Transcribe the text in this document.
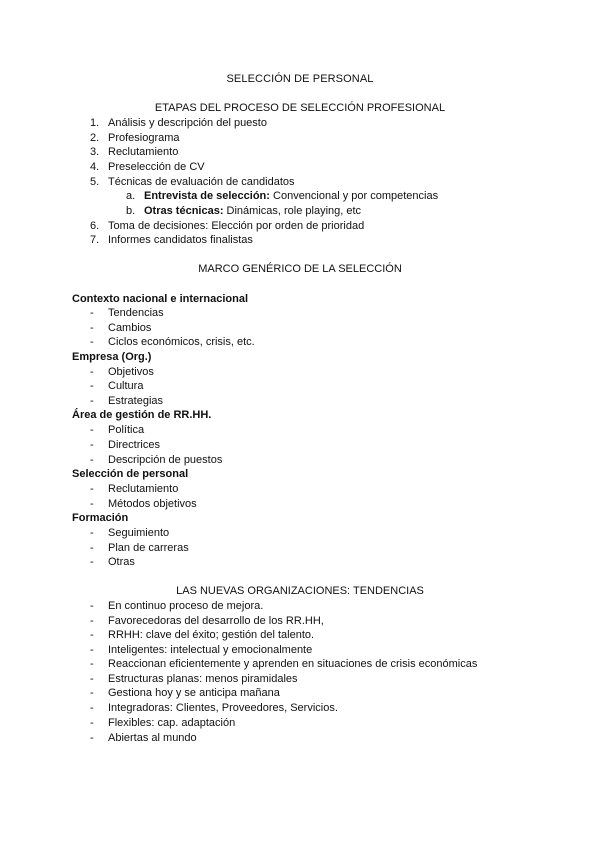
SELECCIÓN DE PERSONAL
ETAPAS DEL PROCESO DE SELECCIÓN PROFESIONAL
1. Análisis y descripción del puesto
2. Profesiograma
3. Reclutamiento
4. Preselección de CV
5. Técnicas de evaluación de candidatos
a. Entrevista de selección: Convencional y por competencias
b. Otras técnicas: Dinámicas, role playing, etc
6. Toma de decisiones: Elección por orden de prioridad
7. Informes candidatos finalistas
MARCO GENÉRICO DE LA SELECCIÓN
Contexto nacional e internacional
- Tendencias
- Cambios
- Ciclos económicos, crisis, etc.
Empresa (Org.)
- Objetivos
- Cultura
- Estrategias
Área de gestión de RR.HH.
- Política
- Directrices
- Descripción de puestos
Selección de personal
- Reclutamiento
- Métodos objetivos
Formación
- Seguimiento
- Plan de carreras
- Otras
LAS NUEVAS ORGANIZACIONES: TENDENCIAS
- En continuo proceso de mejora.
- Favorecedoras del desarrollo de los RR.HH,
- RRHH: clave del éxito; gestión del talento.
- Inteligentes: intelectual y emocionalmente
- Reaccionan eficientemente y aprenden en situaciones de crisis económicas
- Estructuras planas: menos piramidales
- Gestiona hoy y se anticipa mañana
- Integradoras: Clientes, Proveedores, Servicios.
- Flexibles: cap. adaptación
- Abiertas al mundo
